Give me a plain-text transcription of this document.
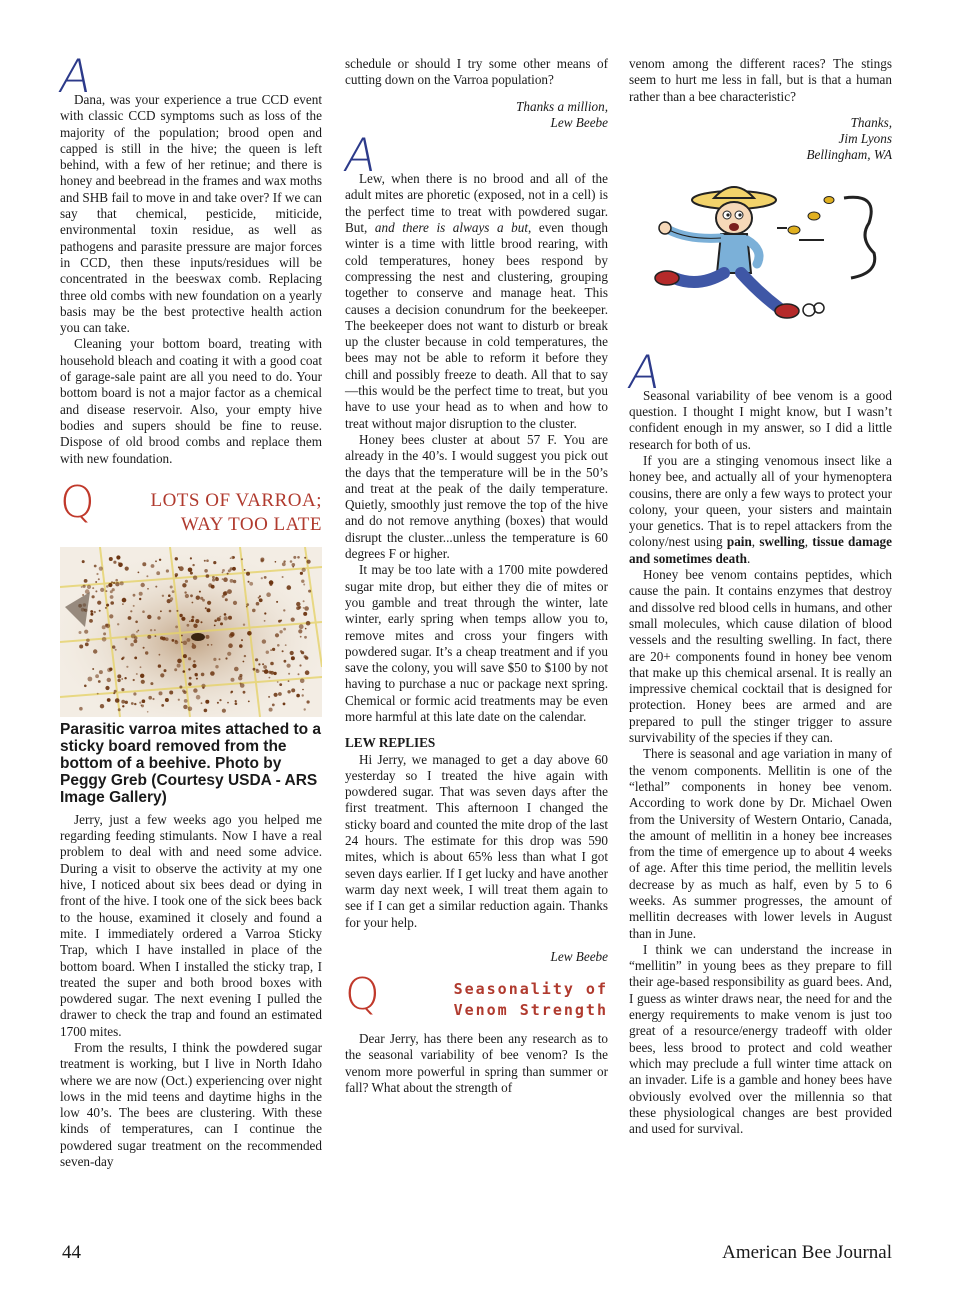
A

Dana, was your experience a true CCD event with classic CCD symptoms such as loss of the majority of the population; brood open and capped is still in the hive; the queen is left behind, with a few of her retinue; and there is honey and beebread in the frames and wax moths and SHB fail to move in and take over? If we can say that chemical, pesticide, miticide, environmental toxin residue, as well as pathogens and parasite pressure are major forces in CCD, then these inputs/residues will be concentrated in the beeswax comb. Replacing three old combs with new foundation on a yearly basis may be the best protective health action you can take.

Cleaning your bottom board, treating with household bleach and coating it with a good coat of garage-sale paint are all you need to do. Your bottom board is not a major factor as a chemical and disease reservoir. Also, your empty hive bodies and supers should be fine to reuse. Dispose of old brood combs and replace them with new foundation.

Q	LOTS OF VARROA;
WAY TOO LATE

Parasitic varroa mites attached to a sticky board removed from the bottom of a beehive. Photo by Peggy Greb (Courtesy USDA - ARS Image Gallery)

Jerry, just a few weeks ago you helped me regarding feeding stimulants. Now I have a real problem to deal with and need some advice. During a visit to observe the activity at my one hive, I noticed about six bees dead or dying in front of the hive. I took one of the sick bees back to the house, examined it closely and found a mite. I immediately ordered a Varroa Sticky Trap, which I have installed in place of the bottom board. When I installed the sticky trap, I treated the super and both brood boxes with powdered sugar. The next evening I pulled the drawer to check the trap and found an estimated 1700 mites.

From the results, I think the powdered sugar treatment is working, but I live in North Idaho where we are now (Oct.) experiencing over night lows in the mid teens and daytime highs in the low 40’s. The bees are clustering. With these kinds of temperatures, can I continue the powdered sugar treatment on the recommended seven-day

schedule or should I try some other means of cutting down on the Varroa population?

Thanks a million,

Lew Beebe

A

Lew, when there is no brood and all of the adult mites are phoretic (exposed, not in a cell) is the perfect time to treat with powdered sugar. But, and there is always a but, even though winter is a time with little brood rearing, with cold temperatures, honey bees respond by compressing the nest and clustering, grouping together to conserve and manage heat. This causes a decision conundrum for the beekeeper. The beekeeper does not want to disturb or break up the cluster because in cold temperatures, the bees may not be able to reform it before they chill and possibly freeze to death. All that to say—this would be the perfect time to treat, but you have to use your head as to when and how to treat without major disruption to the cluster.

Honey bees cluster at about 57 F. You are already in the 40’s. I would suggest you pick out the days that the temperature will be in the 50’s and treat at the peak of the daily temperature. Quietly, smoothly just remove the top of the hive and do not remove anything (boxes) that would disrupt the cluster...unless the temperature is 60 degrees F or higher.

It may be too late with a 1700 mite powdered sugar mite drop, but either they die of mites or you gamble and treat through the winter, late winter, early spring when temps allow you to, remove mites and cross your fingers with powdered sugar. It’s a cheap treatment and if you save the colony, you will save $50 to $100 by not having to purchase a nuc or package next spring. Chemical or formic acid treatments may be even more harmful at this late date on the calendar.

LEW REPLIES

Hi Jerry, we managed to get a day above 60 yesterday so I treated the hive again with powdered sugar. That was seven days after the first treatment. This afternoon I changed the sticky board and counted the mite drop of the last 24 hours. The estimate for this drop was 590 mites, which is about 65% less than what I got seven days earlier. If I get lucky and have another warm day next week, I will treat them again to see if I can get a similar reduction again. Thanks for your help.

Lew Beebe

Q	Seasonality of
Venom Strength

Dear Jerry, has there been any research as to the seasonal variability of bee venom? Is the venom more powerful in spring than summer or fall? What about the strength of

venom among the different races? The stings seem to hurt me less in fall, but is that a human rather than a bee characteristic?

Thanks,

Jim Lyons

Bellingham, WA

A

Seasonal variability of bee venom is a good question. I thought I might know, but I wasn’t confident enough in my answer, so I did a little research for both of us.

If you are a stinging venomous insect like a honey bee, and actually all of your hymenoptera cousins, there are only a few ways to protect your colony, your queen, your sisters and maintain your genetics. That is to repel attackers from the colony/nest using pain, swelling, tissue damage and sometimes death.

Honey bee venom contains peptides, which cause the pain. It contains enzymes that destroy and dissolve red blood cells in humans, and other small molecules, which cause dilation of blood vessels and the resulting swelling. In fact, there are 20+ components found in honey bee venom that make up this chemical arsenal. It is really an impressive chemical cocktail that is designed for protection. Honey bees are armed and are prepared to pull the stinger trigger to assure survivability of the species if they can.

There is seasonal and age variation in many of the venom components. Mellitin is one of the “lethal” components in honey bee venom. According to work done by Dr. Michael Owen from the University of Western Ontario, Canada, the amount of mellitin in a honey bee increases from the time of emergence up to about 4 weeks of age. After this time period, the mellitin levels decrease by as much as half, even by 5 to 6 weeks. As summer progresses, the amount of mellitin decreases with lower levels in August than in June.

I think we can understand the increase in “mellitin” in young bees as they prepare to fill their age-based responsibility as guard bees. And, I guess as winter draws near, the need for and the energy requirements to make venom is just too great of a resource/energy tradeoff with older bees, less brood to protect and cold weather which may preclude a full winter time attack on an invader. Life is a gamble and honey bees have obviously evolved over the millennia so that these physiological changes are best provided and used for survival.

44	American Bee Journal
